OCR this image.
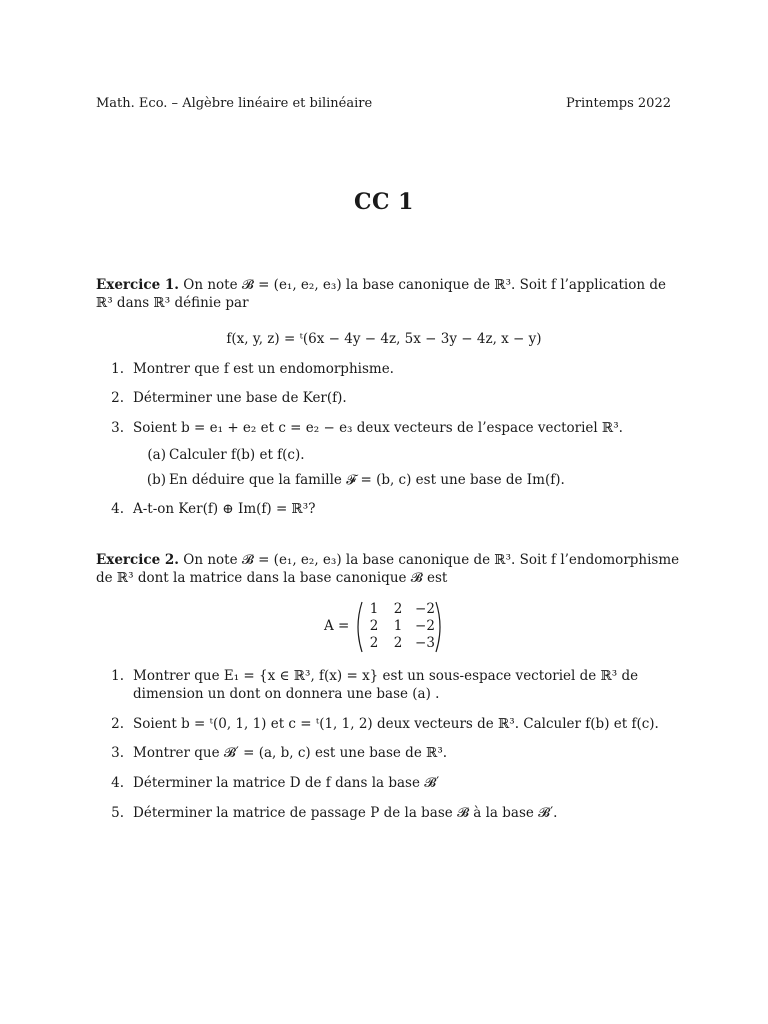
Math. Eco. – Algèbre linéaire et bilinéaire	Printemps 2022
CC 1
Exercice 1. On note 𝓑 = (e₁, e₂, e₃) la base canonique de ℝ³. Soit f l’application de
ℝ³ dans ℝ³ définie par
f(x, y, z) = ᵗ(6x − 4y − 4z, 5x − 3y − 4z, x − y)
1. Montrer que f est un endomorphisme.
2. Déterminer une base de Ker(f).
3. Soient b = e₁ + e₂ et c = e₂ − e₃ deux vecteurs de l’espace vectoriel ℝ³.
(a) Calculer f(b) et f(c).
(b) En déduire que la famille 𝓕 = (b, c) est une base de Im(f).
4. A-t-on Ker(f) ⊕ Im(f) = ℝ³?
Exercice 2. On note 𝓑 = (e₁, e₂, e₃) la base canonique de ℝ³. Soit f l’endomorphisme
de ℝ³ dont la matrice dans la base canonique 𝓑 est
A =
1 2 −2
2 1 −2
2 2 −3
1. Montrer que E₁ = {x ∈ ℝ³, f(x) = x} est un sous-espace vectoriel de ℝ³ de
dimension un dont on donnera une base (a) .
2. Soient b = ᵗ(0, 1, 1) et c = ᵗ(1, 1, 2) deux vecteurs de ℝ³. Calculer f(b) et f(c).
3. Montrer que 𝓑′ = (a, b, c) est une base de ℝ³.
4. Déterminer la matrice D de f dans la base 𝓑′
5. Déterminer la matrice de passage P de la base 𝓑 à la base 𝓑′.
